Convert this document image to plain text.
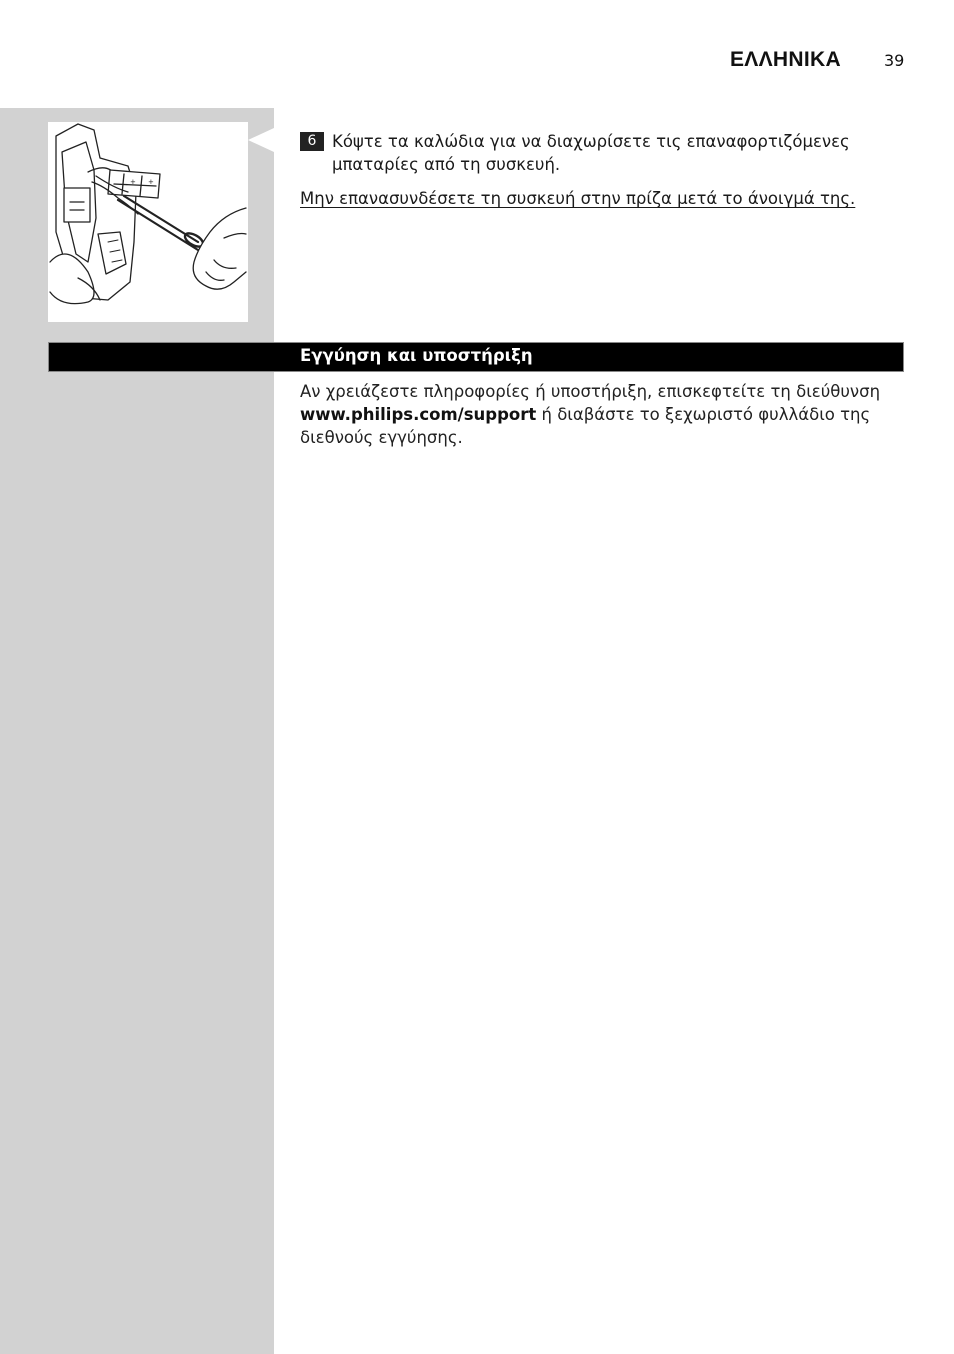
ΕΛΛΗΝΙΚΑ	39
+ +
6 Κόψτε τα καλώδια για να διαχωρίσετε τις επαναφορτιζόμενες μπαταρίες από τη συσκευή.
Μην επανασυνδέσετε τη συσκευή στην πρίζα μετά το άνοιγμά της.
Εγγύηση και υποστήριξη
Αν χρειάζεστε πληροφορίες ή υποστήριξη, επισκεφτείτε τη διεύθυνση www.philips.com/support ή διαβάστε το ξεχωριστό φυλλάδιο της διεθνούς εγγύησης.
